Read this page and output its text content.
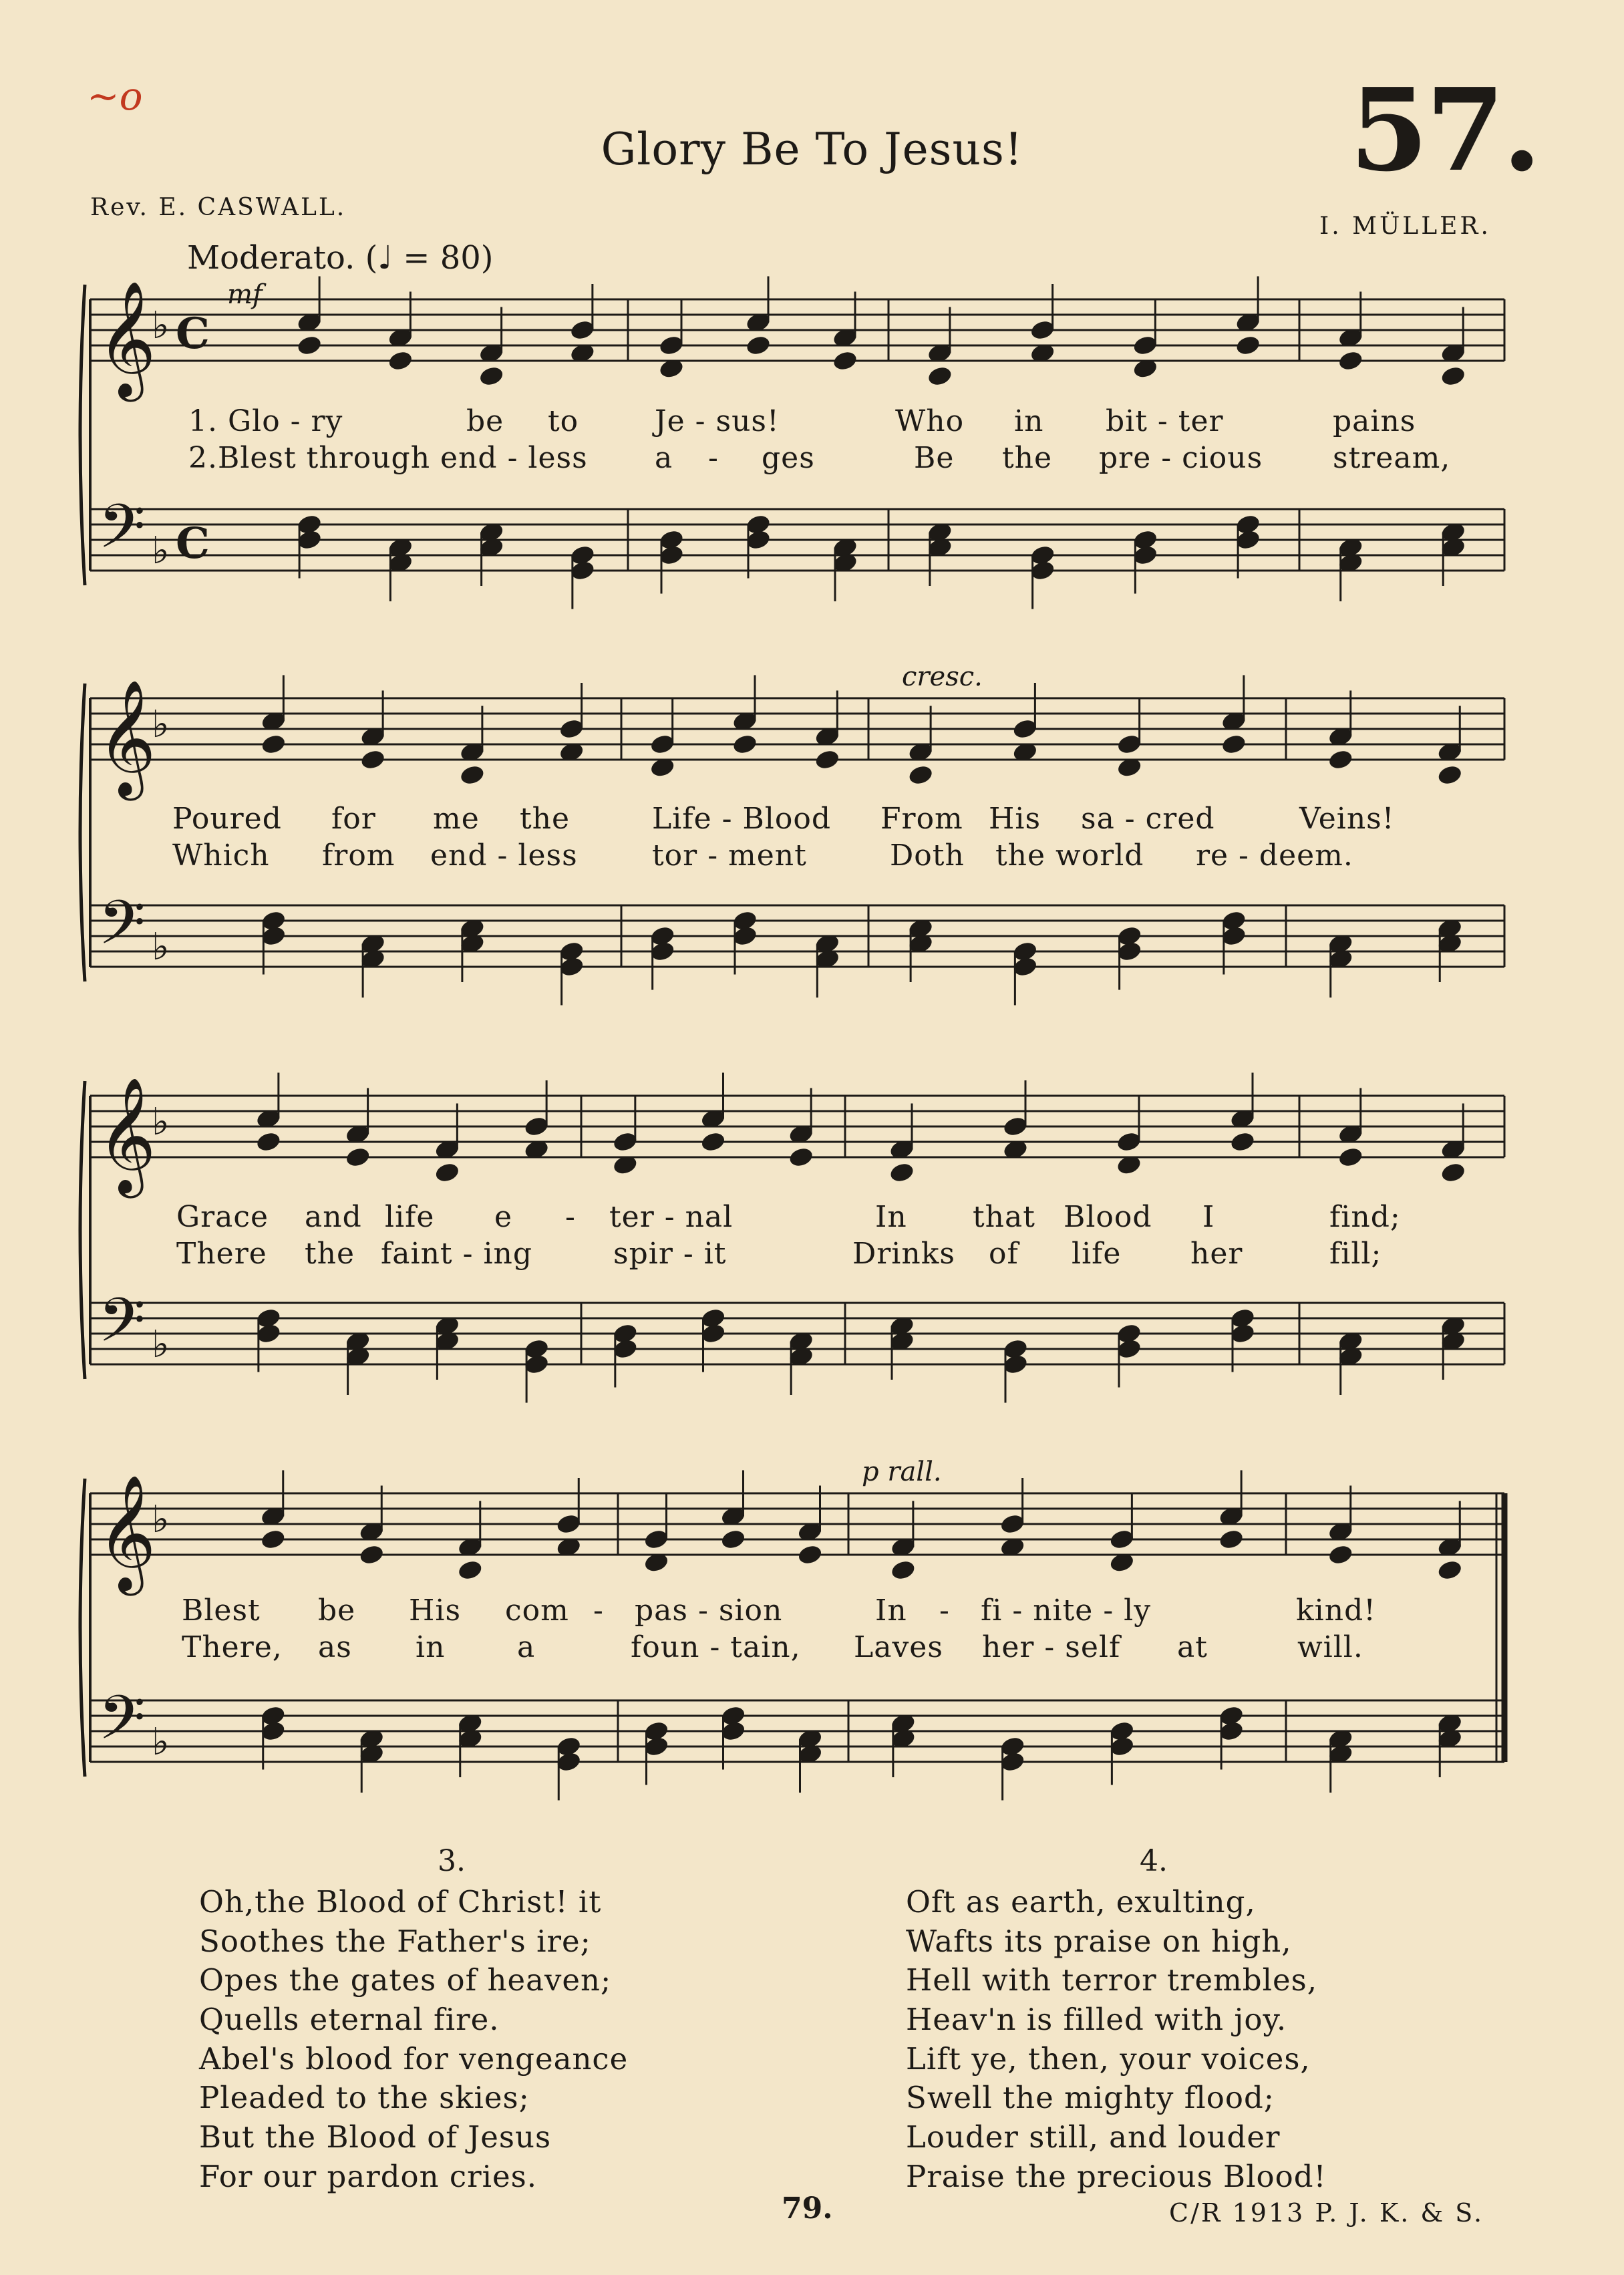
~o
Glory Be To Jesus!	57.
Rev. E. CASWALL.
I. MÜLLER.
Moderato. (♩ = 80)
mf
cresc.
p rall.
𝄞
𝄢
♭
♭
C
C
𝄞
𝄢
♭
♭
𝄞
𝄢
♭
♭
𝄞
𝄢
♭
♭
1. Glo - ry	be to	Je - sus!	Who in bit - ter	pains
2.Blest through end - less a - ges	Be the pre - cious stream,
Poured for me the	Life - Blood From His sa - cred	Veins!
Which from end - less	tor - ment	Doth the world re - deem.
Grace and life e - ter - nal	In that Blood I	find;
There the faint - ing	spir - it	Drinks of life her	fill;
Blest be His com - pas - sion	In - fi - nite - ly	kind!
There, as in a	foun - tain, Laves her - self at	will.
3.
Oh,the Blood of Christ! it
Soothes the Father's ire;
Opes the gates of heaven;
Quells eternal fire.
Abel's blood for vengeance
Pleaded to the skies;
But the Blood of Jesus
For our pardon cries.
4.
Oft as earth, exulting,
Wafts its praise on high,
Hell with terror trembles,
Heav'n is filled with joy.
Lift ye, then, your voices,
Swell the mighty flood;
Louder still, and louder
Praise the precious Blood!
79.	C/R 1913 P. J. K. & S.
